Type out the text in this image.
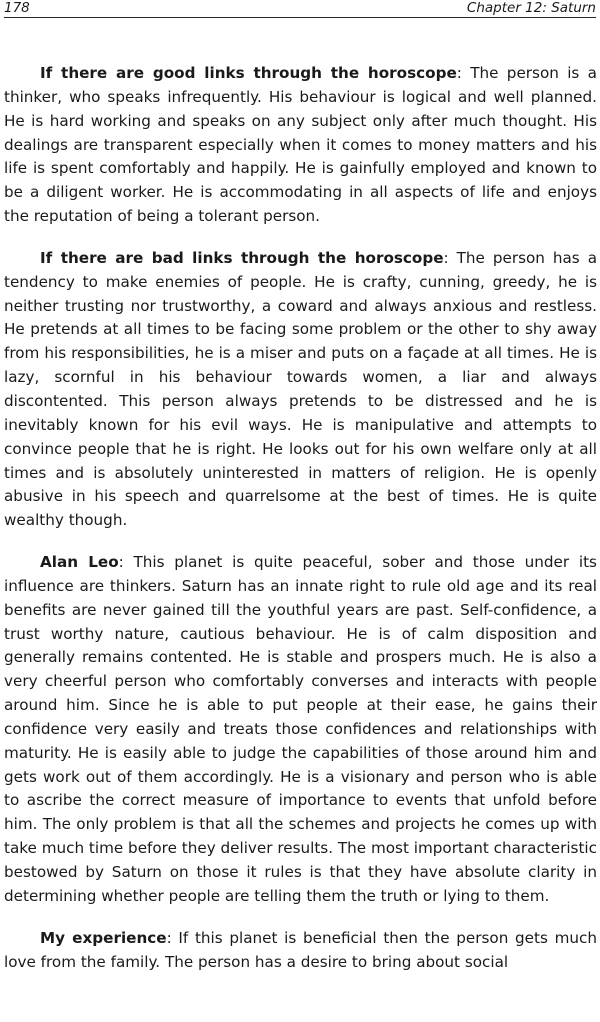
178	Chapter 12: Saturn

If there are good links through the horoscope: The person is a thinker, who speaks infrequently. His behaviour is logical and well planned. He is hard working and speaks on any subject only after much thought. His dealings are transparent especially when it comes to money matters and his life is spent comfortably and happily. He is gainfully employed and known to be a diligent worker. He is accommodating in all aspects of life and enjoys the reputation of being a tolerant person.

If there are bad links through the horoscope: The person has a tendency to make enemies of people. He is crafty, cunning, greedy, he is neither trusting nor trustworthy, a coward and always anxious and restless. He pretends at all times to be facing some problem or the other to shy away from his responsibilities, he is a miser and puts on a façade at all times. He is lazy, scornful in his behaviour towards women, a liar and always discontented. This person always pretends to be distressed and he is inevitably known for his evil ways. He is manipulative and attempts to convince people that he is right. He looks out for his own welfare only at all times and is absolutely uninterested in matters of religion. He is openly abusive in his speech and quarrelsome at the best of times. He is quite wealthy though.

Alan Leo: This planet is quite peaceful, sober and those under its influence are thinkers. Saturn has an innate right to rule old age and its real benefits are never gained till the youthful years are past. Self-confidence, a trust worthy nature, cautious behaviour. He is of calm disposition and generally remains contented. He is stable and prospers much. He is also a very cheerful person who comfortably converses and interacts with people around him. Since he is able to put people at their ease, he gains their confidence very easily and treats those confidences and relationships with maturity. He is easily able to judge the capabilities of those around him and gets work out of them accordingly. He is a visionary and person who is able to ascribe the correct measure of importance to events that unfold before him. The only problem is that all the schemes and projects he comes up with take much time before they deliver results. The most important characteristic bestowed by Saturn on those it rules is that they have absolute clarity in determining whether people are telling them the truth or lying to them.

My experience: If this planet is beneficial then the person gets much love from the family. The person has a desire to bring about social
